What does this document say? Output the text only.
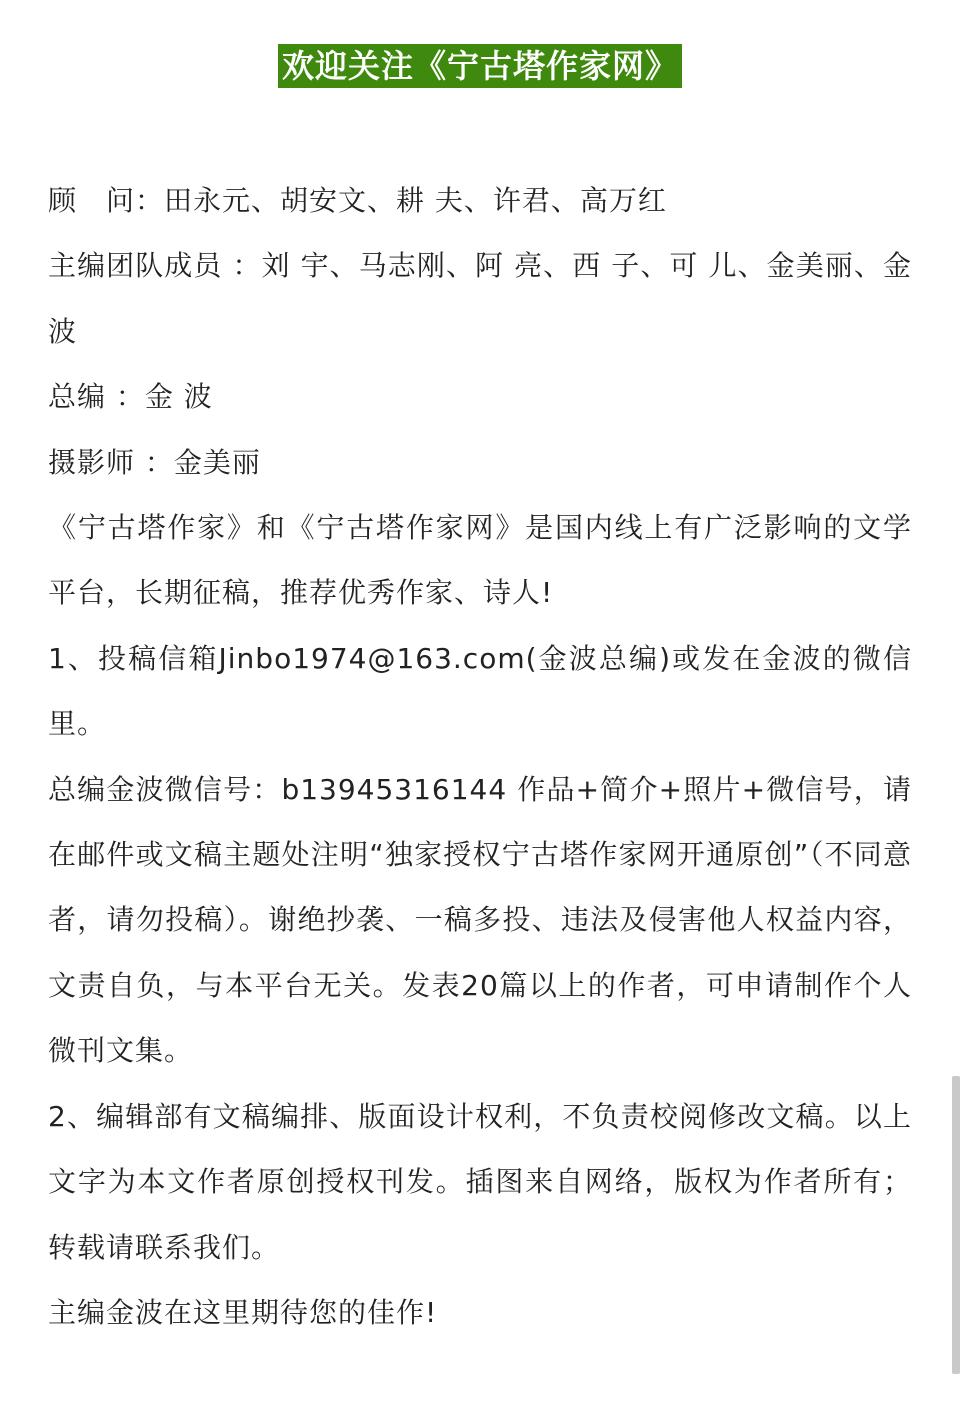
欢迎关注《宁古塔作家网》

顾　问：田永元、胡安文、耕 夫、许君、高万红

主编团队成员 ：刘 宇、马志刚、阿 亮、西 子、可 儿、金美丽、金 波

总编 ：金 波

摄影师 ：金美丽

《宁古塔作家》和《宁古塔作家网》是国内线上有广泛影响的文学平台，长期征稿，推荐优秀作家、诗人!

1、投稿信箱Jinbo1974@163.com(金波总编)或发在金波的微信里。

总编金波微信号：b13945316144 作品+简介+照片+微信号，请在邮件或文稿主题处注明“独家授权宁古塔作家网开通原创”（不同意者，请勿投稿）。谢绝抄袭、一稿多投、违法及侵害他人权益内容，文责自负，与本平台无关。发表20篇以上的作者，可申请制作个人微刊文集。

2、编辑部有文稿编排、版面设计权利，不负责校阅修改文稿。以上文字为本文作者原创授权刊发。插图来自网络，版权为作者所有；转载请联系我们。

主编金波在这里期待您的佳作!
